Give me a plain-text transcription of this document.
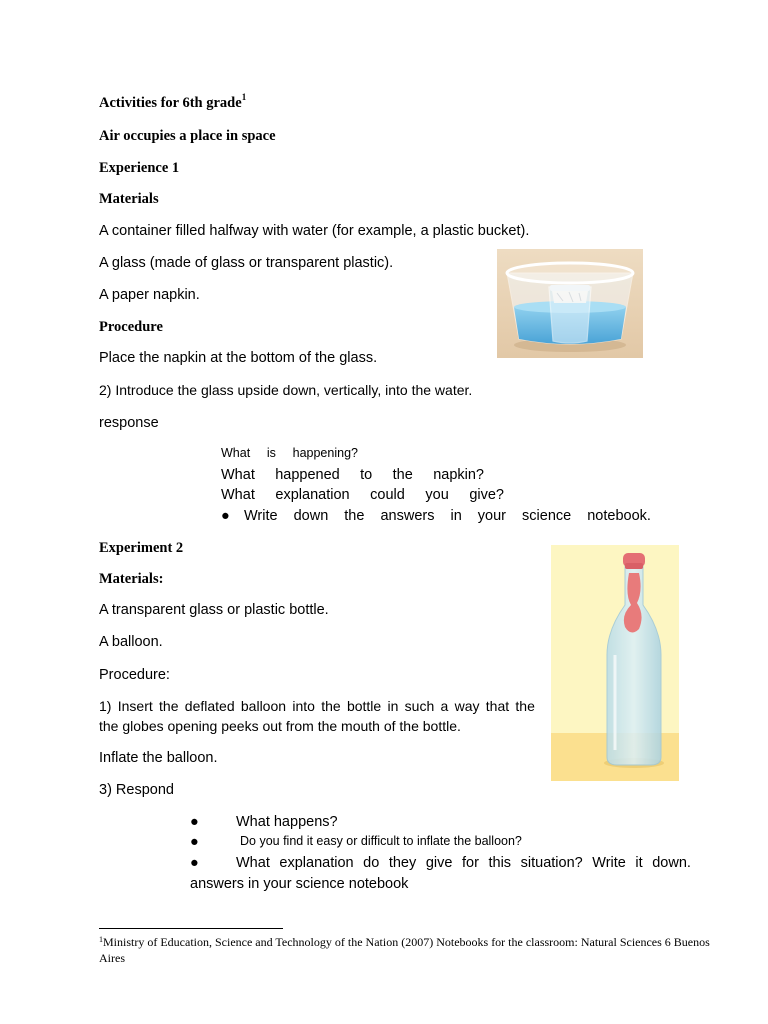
Activities for 6th grade$^1$
Air occupies a place in space
Experience 1
Materials
A container filled halfway with water (for example, a plastic bucket).
A glass (made of glass or transparent plastic).
A paper napkin.
Procedure
Place the napkin at the bottom of the glass.
2) Introduce the glass upside down, vertically, into the water.
response
What is happening?
What happened to the napkin?
What explanation could you give?
● Write down the answers in your science notebook.
Experiment 2
Materials:
A transparent glass or plastic bottle.
A balloon.
Procedure:
1) Insert the deflated balloon into the bottle in such a way that the
the globes opening peeks out from the mouth of the bottle.
Inflate the balloon.
3) Respond
●	What happens?
●	Do you find it easy or difficult to inflate the balloon?
●	What explanation do they give for this situation? Write it down.
answers in your science notebook
$^1$Ministry of Education, Science and Technology of the Nation (2007) Notebooks for the classroom: Natural Sciences 6 Buenos Aires
